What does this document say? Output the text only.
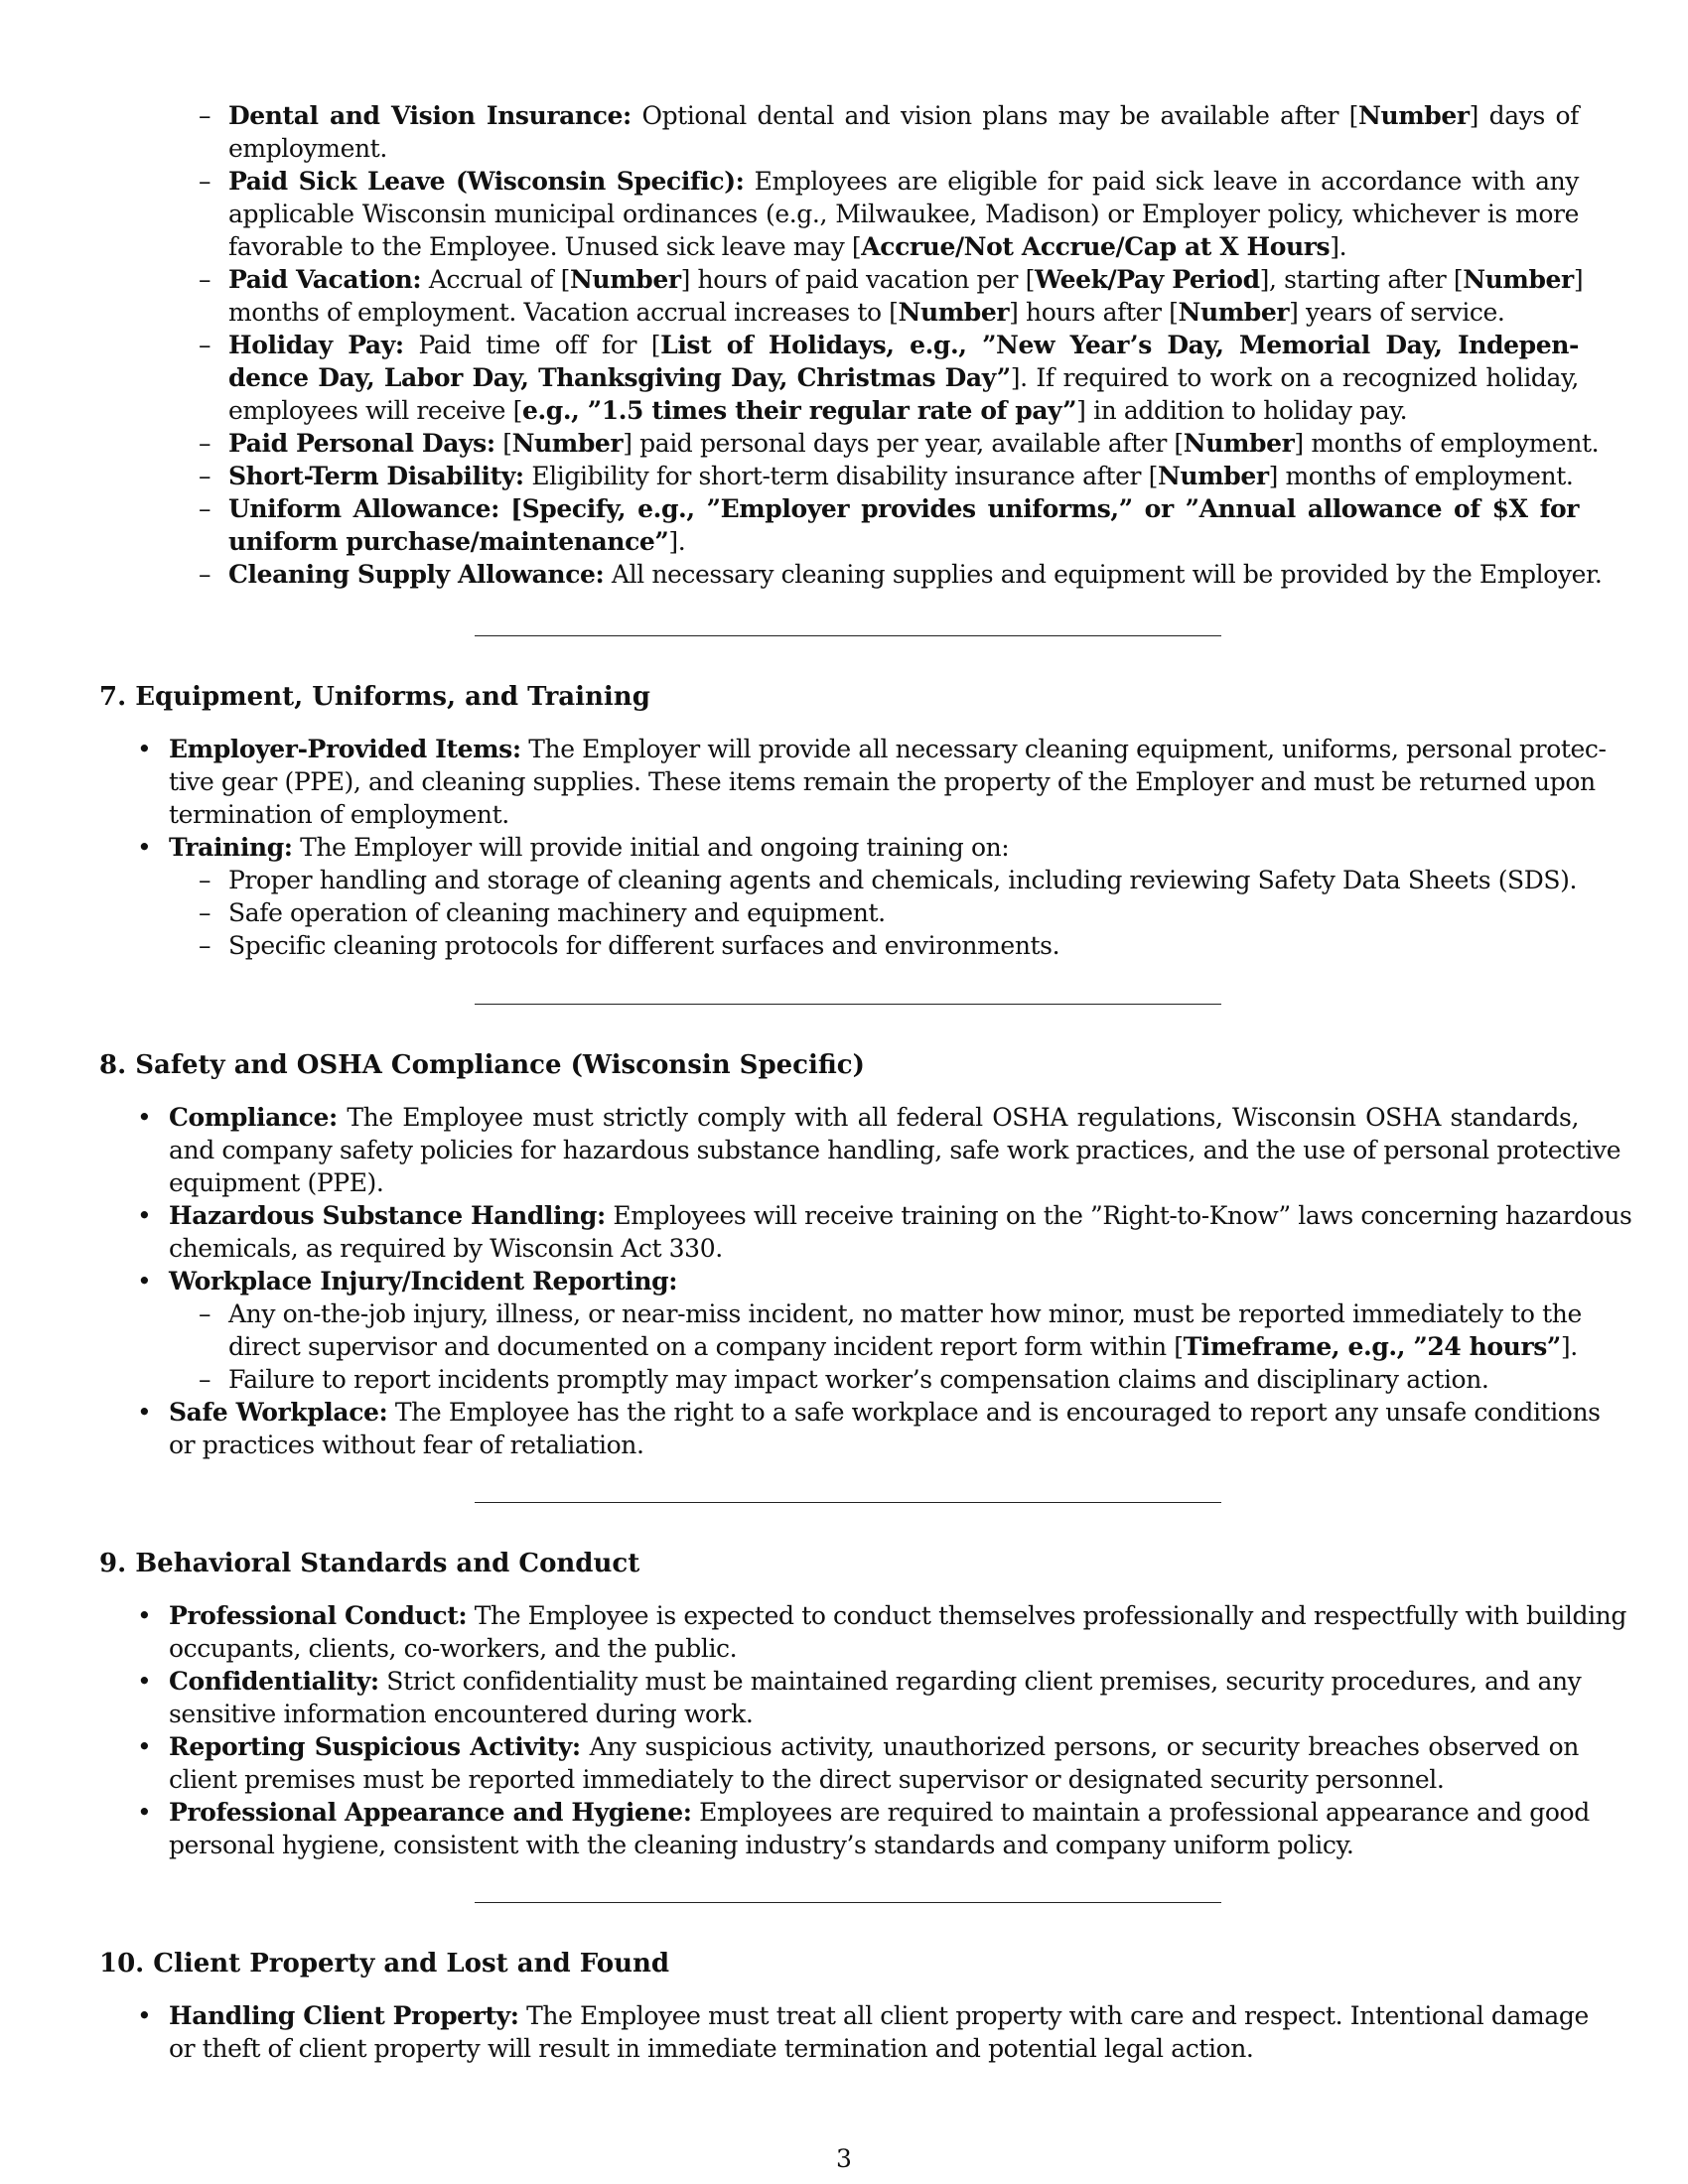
– Dental and Vision Insurance: Optional dental and vision plans may be available after [Number] days of
employment.
– Paid Sick Leave (Wisconsin Specific): Employees are eligible for paid sick leave in accordance with any
applicable Wisconsin municipal ordinances (e.g., Milwaukee, Madison) or Employer policy, whichever is more
favorable to the Employee. Unused sick leave may [Accrue/Not Accrue/Cap at X Hours].
– Paid Vacation: Accrual of [Number] hours of paid vacation per [Week/Pay Period], starting after [Number]
months of employment. Vacation accrual increases to [Number] hours after [Number] years of service.
– Holiday Pay: Paid time off for [List of Holidays, e.g., ”New Year’s Day, Memorial Day, Indepen-
dence Day, Labor Day, Thanksgiving Day, Christmas Day”]. If required to work on a recognized holiday,
employees will receive [e.g., ”1.5 times their regular rate of pay”] in addition to holiday pay.
– Paid Personal Days: [Number] paid personal days per year, available after [Number] months of employment.
– Short-Term Disability: Eligibility for short-term disability insurance after [Number] months of employment.
– Uniform Allowance: [Specify, e.g., ”Employer provides uniforms,” or ”Annual allowance of $X for
uniform purchase/maintenance”].
– Cleaning Supply Allowance: All necessary cleaning supplies and equipment will be provided by the Employer.
7. Equipment, Uniforms, and Training
• Employer-Provided Items: The Employer will provide all necessary cleaning equipment, uniforms, personal protec-
tive gear (PPE), and cleaning supplies. These items remain the property of the Employer and must be returned upon
termination of employment.
• Training: The Employer will provide initial and ongoing training on:
– Proper handling and storage of cleaning agents and chemicals, including reviewing Safety Data Sheets (SDS).
– Safe operation of cleaning machinery and equipment.
– Specific cleaning protocols for different surfaces and environments.
8. Safety and OSHA Compliance (Wisconsin Specific)
• Compliance: The Employee must strictly comply with all federal OSHA regulations, Wisconsin OSHA standards,
and company safety policies for hazardous substance handling, safe work practices, and the use of personal protective
equipment (PPE).
• Hazardous Substance Handling: Employees will receive training on the ”Right-to-Know” laws concerning hazardous
chemicals, as required by Wisconsin Act 330.
• Workplace Injury/Incident Reporting:
– Any on-the-job injury, illness, or near-miss incident, no matter how minor, must be reported immediately to the
direct supervisor and documented on a company incident report form within [Timeframe, e.g., ”24 hours”].
– Failure to report incidents promptly may impact worker’s compensation claims and disciplinary action.
• Safe Workplace: The Employee has the right to a safe workplace and is encouraged to report any unsafe conditions
or practices without fear of retaliation.
9. Behavioral Standards and Conduct
• Professional Conduct: The Employee is expected to conduct themselves professionally and respectfully with building
occupants, clients, co-workers, and the public.
• Confidentiality: Strict confidentiality must be maintained regarding client premises, security procedures, and any
sensitive information encountered during work.
• Reporting Suspicious Activity: Any suspicious activity, unauthorized persons, or security breaches observed on
client premises must be reported immediately to the direct supervisor or designated security personnel.
• Professional Appearance and Hygiene: Employees are required to maintain a professional appearance and good
personal hygiene, consistent with the cleaning industry’s standards and company uniform policy.
10. Client Property and Lost and Found
• Handling Client Property: The Employee must treat all client property with care and respect. Intentional damage
or theft of client property will result in immediate termination and potential legal action.
3
